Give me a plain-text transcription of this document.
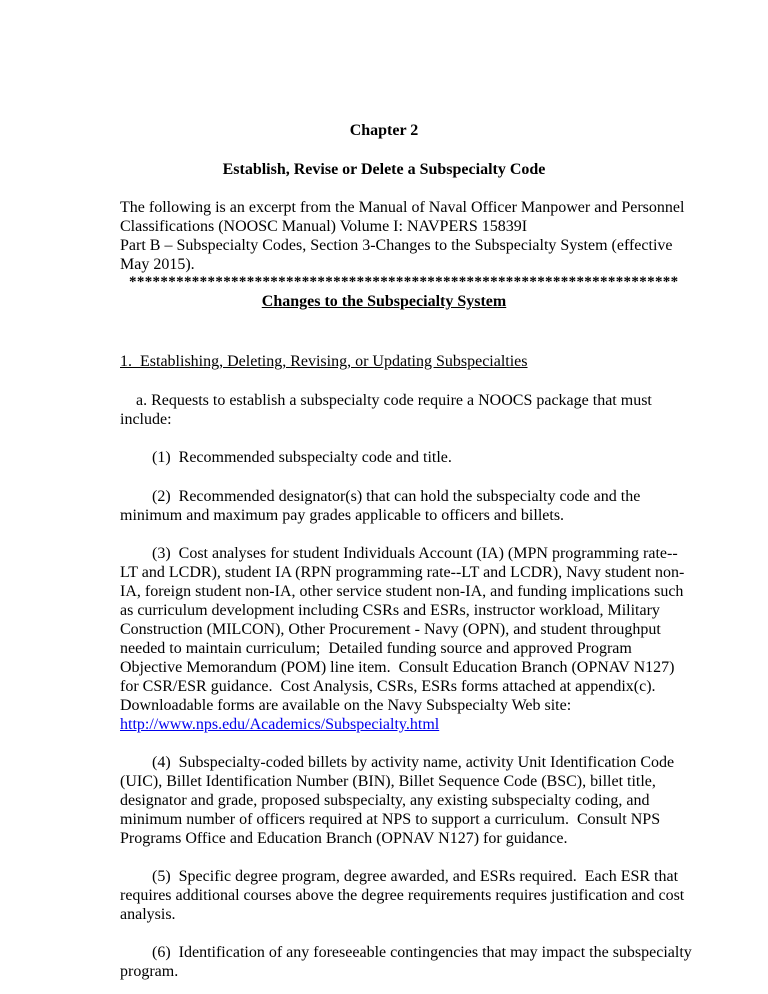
Chapter 2
Establish, Revise or Delete a Subspecialty Code
The following is an excerpt from the Manual of Naval Officer Manpower and Personnel
Classifications (NOOSC Manual) Volume I: NAVPERS 15839I
Part B – Subspecialty Codes, Section 3-Changes to the Subspecialty System (effective
May 2015).
**********************************************************************
Changes to the Subspecialty System
1.  Establishing, Deleting, Revising, or Updating Subspecialties
a. Requests to establish a subspecialty code require a NOOCS package that must
include:
(1)  Recommended subspecialty code and title.
(2)  Recommended designator(s) that can hold the subspecialty code and the
minimum and maximum pay grades applicable to officers and billets.
(3)  Cost analyses for student Individuals Account (IA) (MPN programming rate--
LT and LCDR), student IA (RPN programming rate--LT and LCDR), Navy student non-
IA, foreign student non-IA, other service student non-IA, and funding implications such
as curriculum development including CSRs and ESRs, instructor workload, Military
Construction (MILCON), Other Procurement - Navy (OPN), and student throughput
needed to maintain curriculum;  Detailed funding source and approved Program
Objective Memorandum (POM) line item.  Consult Education Branch (OPNAV N127)
for CSR/ESR guidance.  Cost Analysis, CSRs, ESRs forms attached at appendix(c).
Downloadable forms are available on the Navy Subspecialty Web site:
http://www.nps.edu/Academics/Subspecialty.html
(4)  Subspecialty-coded billets by activity name, activity Unit Identification Code
(UIC), Billet Identification Number (BIN), Billet Sequence Code (BSC), billet title,
designator and grade, proposed subspecialty, any existing subspecialty coding, and
minimum number of officers required at NPS to support a curriculum.  Consult NPS
Programs Office and Education Branch (OPNAV N127) for guidance.
(5)  Specific degree program, degree awarded, and ESRs required.  Each ESR that
requires additional courses above the degree requirements requires justification and cost
analysis.
(6)  Identification of any foreseeable contingencies that may impact the subspecialty
program.
